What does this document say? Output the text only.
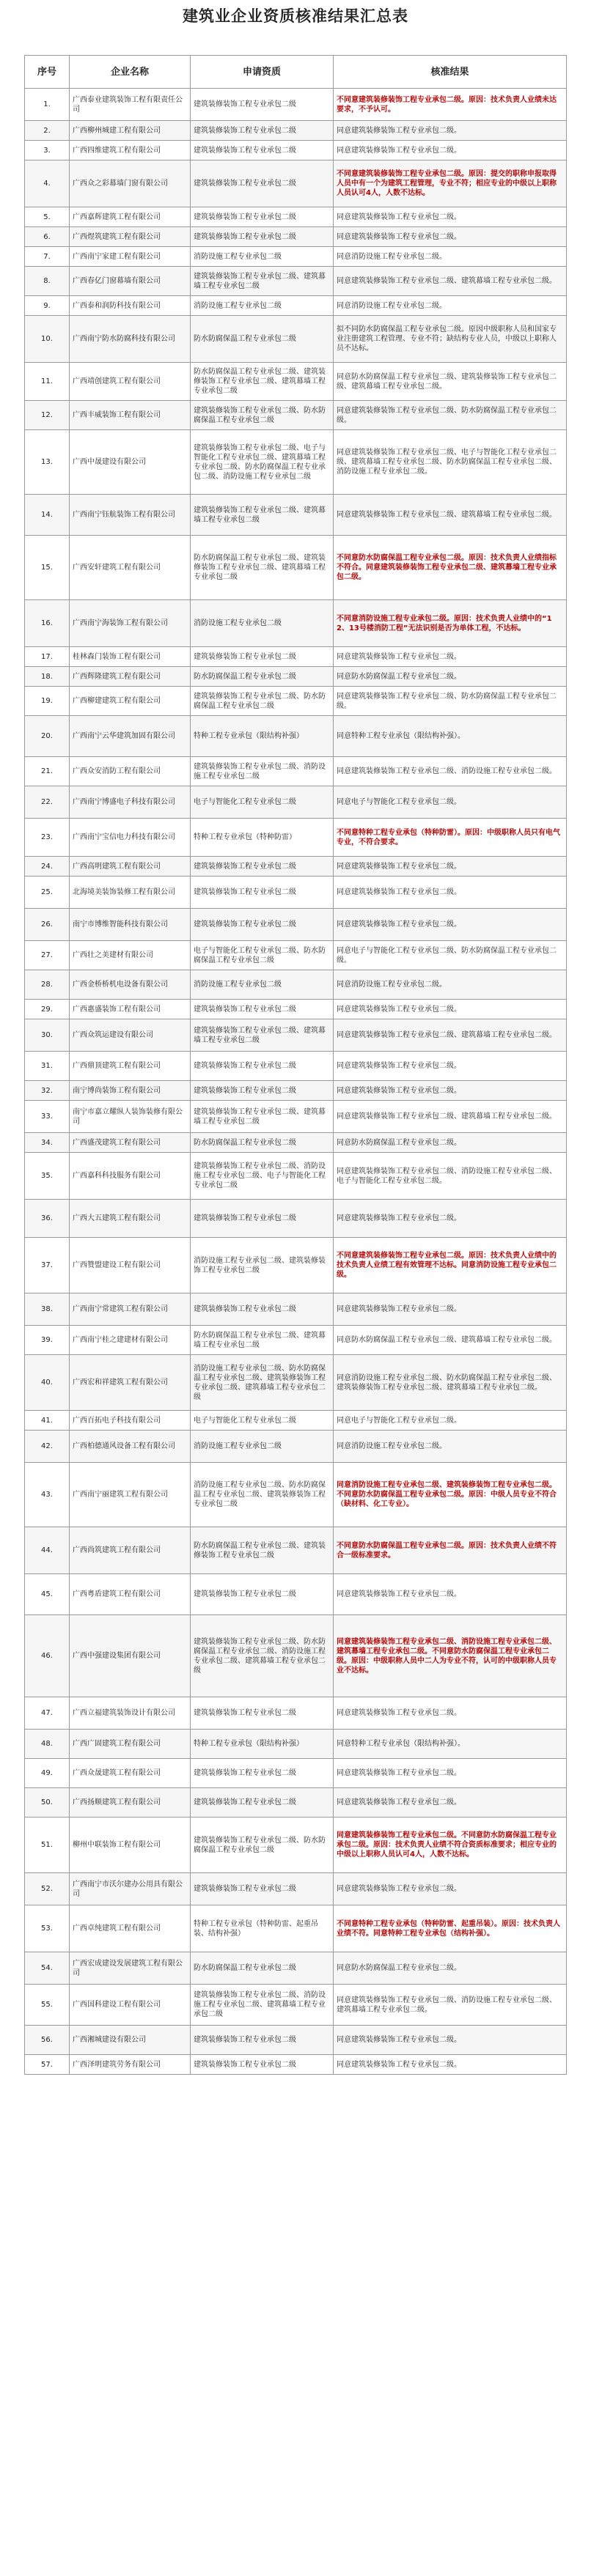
建筑业企业资质核准结果汇总表
序号	企业名称	申请资质	核准结果
1.	广西泰业建筑装饰工程有限责任公司	建筑装修装饰工程专业承包二级	不同意建筑装修装饰工程专业承包二级。原因：技术负责人业绩未达要求，不予认可。
2.	广西柳州城建工程有限公司	建筑装修装饰工程专业承包二级	同意建筑装修装饰工程专业承包二级。
3.	广西四维建筑工程有限公司	建筑装修装饰工程专业承包二级	同意建筑装修装饰工程专业承包二级。
4.	广西众之彩幕墙门窗有限公司	建筑装修装饰工程专业承包二级	不同意建筑装修装饰工程专业承包二级。原因：提交的职称申报取得人员中有一个为建筑工程管理，专业不符；相应专业的中级以上职称人员认可4人，人数不达标。
5.	广西嘉辉建筑工程有限公司	建筑装修装饰工程专业承包二级	同意建筑装修装饰工程专业承包二级。
6.	广西煜筑建筑工程有限公司	建筑装修装饰工程专业承包二级	同意建筑装修装饰工程专业承包二级。
7.	广西南宁家建工程有限公司	消防设施工程专业承包二级	同意消防设施工程专业承包二级。
8.	广西春亿门窗幕墙有限公司	建筑装修装饰工程专业承包二级、建筑幕墙工程专业承包二级	同意建筑装修装饰工程专业承包二级、建筑幕墙工程专业承包二级。
9.	广西泰和润防科技有限公司	消防设施工程专业承包二级	同意消防设施工程专业承包二级。
10.	广西南宁防水防腐科技有限公司	防水防腐保温工程专业承包二级	拟不同防水防腐保温工程专业承包二级。原因中级职称人员和国家专业注册建筑工程管理、专业不符；缺结构专业人员，中级以上职称人员不达标。
11.	广西靖创建筑工程有限公司	防水防腐保温工程专业承包二级、建筑装修装饰工程专业承包二级、建筑幕墙工程专业承包二级	同意防水防腐保温工程专业承包二级、建筑装修装饰工程专业承包二级、建筑幕墙工程专业承包二级。
12.	广西丰威装饰工程有限公司	建筑装修装饰工程专业承包二级、防水防腐保温工程专业承包二级	同意建筑装修装饰工程专业承包二级、防水防腐保温工程专业承包二级。
13.	广西中晟建设有限公司	建筑装修装饰工程专业承包二级、电子与智能化工程专业承包二级、建筑幕墙工程专业承包二级、防水防腐保温工程专业承包二级、消防设施工程专业承包二级	同意建筑装修装饰工程专业承包二级、电子与智能化工程专业承包二级、建筑幕墙工程专业承包二级、防水防腐保温工程专业承包二级、消防设施工程专业承包二级。
14.	广西南宁钰航装饰工程有限公司	建筑装修装饰工程专业承包二级、建筑幕墙工程专业承包二级	同意建筑装修装饰工程专业承包二级、建筑幕墙工程专业承包二级。
15.	广西安轩建筑工程有限公司	防水防腐保温工程专业承包二级、建筑装修装饰工程专业承包二级、建筑幕墙工程专业承包二级	不同意防水防腐保温工程专业承包二级。原因：技术负责人业绩指标不符合。同意建筑装修装饰工程专业承包二级、建筑幕墙工程专业承包二级。
16.	广西南宁海装饰工程有限公司	消防设施工程专业承包二级	不同意消防设施工程专业承包二级。原因：技术负责人业绩中的“12、13号楼消防工程”无法识别是否为单体工程，不达标。
17.	桂林森门装饰工程有限公司	建筑装修装饰工程专业承包二级	同意建筑装修装饰工程专业承包二级。
18.	广西辉隆建筑工程有限公司	防水防腐保温工程专业承包二级	同意防水防腐保温工程专业承包二级。
19.	广西柳建建筑工程有限公司	建筑装修装饰工程专业承包二级、防水防腐保温工程专业承包二级	同意建筑装修装饰工程专业承包二级、防水防腐保温工程专业承包二级。
20.	广西南宁云华建筑加固有限公司	特种工程专业承包（限结构补强）	同意特种工程专业承包（限结构补强）。
21.	广西众安消防工程有限公司	建筑装修装饰工程专业承包二级、消防设施工程专业承包二级	同意建筑装修装饰工程专业承包二级、消防设施工程专业承包二级。
22.	广西南宁博盛电子科技有限公司	电子与智能化工程专业承包二级	同意电子与智能化工程专业承包二级。
23.	广西南宁宝信电力科技有限公司	特种工程专业承包（特种防雷）	不同意特种工程专业承包（特种防雷）。原因：中级职称人员只有电气专业，不符合要求。
24.	广西高明建筑工程有限公司	建筑装修装饰工程专业承包二级	同意建筑装修装饰工程专业承包二级。
25.	北海境美装饰装修工程有限公司	建筑装修装饰工程专业承包二级	同意建筑装修装饰工程专业承包二级。
26.	南宁市博维智能科技有限公司	建筑装修装饰工程专业承包二级	同意建筑装修装饰工程专业承包二级。
27.	广西壮之美建材有限公司	电子与智能化工程专业承包二级、防水防腐保温工程专业承包二级	同意电子与智能化工程专业承包二级、防水防腐保温工程专业承包二级。
28.	广西金桥桥机电设备有限公司	消防设施工程专业承包二级	同意消防设施工程专业承包二级。
29.	广西惠盛装饰工程有限公司	建筑装修装饰工程专业承包二级	同意建筑装修装饰工程专业承包二级。
30.	广西众筑运建设有限公司	建筑装修装饰工程专业承包二级、建筑幕墙工程专业承包二级	同意建筑装修装饰工程专业承包二级、建筑幕墙工程专业承包二级。
31.	广西鼎顶建筑工程有限公司	建筑装修装饰工程专业承包二级	同意建筑装修装饰工程专业承包二级。
32.	南宁博尚装饰工程有限公司	建筑装修装饰工程专业承包二级	同意建筑装修装饰工程专业承包二级。
33.	南宁市嘉立耀纵人装饰装修有限公司	建筑装修装饰工程专业承包二级、建筑幕墙工程专业承包二级	同意建筑装修装饰工程专业承包二级、建筑幕墙工程专业承包二级。
34.	广西盛茂建筑工程有限公司	防水防腐保温工程专业承包二级	同意防水防腐保温工程专业承包二级。
35.	广西嘉科科技服务有限公司	建筑装修装饰工程专业承包二级、消防设施工程专业承包二级、电子与智能化工程专业承包二级	同意建筑装修装饰工程专业承包二级、消防设施工程专业承包二级、电子与智能化工程专业承包二级。
36.	广西大五建筑工程有限公司	建筑装修装饰工程专业承包二级	同意建筑装修装饰工程专业承包二级。
37.	广西赞盟建设工程有限公司	消防设施工程专业承包二级、建筑装修装饰工程专业承包二级	不同意建筑装修装饰工程专业承包二级。原因：技术负责人业绩中的技术负责人业绩工程有效管理不达标。同意消防设施工程专业承包二级。
38.	广西南宁常建筑工程有限公司	建筑装修装饰工程专业承包二级	同意建筑装修装饰工程专业承包二级。
39.	广西南宁桂之建建材有限公司	防水防腐保温工程专业承包二级、建筑幕墙工程专业承包二级	同意防水防腐保温工程专业承包二级、建筑幕墙工程专业承包二级。
40.	广西宏和祥建筑工程有限公司	消防设施工程专业承包二级、防水防腐保温工程专业承包二级、建筑装修装饰工程专业承包二级、建筑幕墙工程专业承包二级	同意消防设施工程专业承包二级、防水防腐保温工程专业承包二级、建筑装修装饰工程专业承包二级、建筑幕墙工程专业承包二级。
41.	广西百拓电子科技有限公司	电子与智能化工程专业承包二级	同意电子与智能化工程专业承包二级。
42.	广西柏德通风设备工程有限公司	消防设施工程专业承包二级	同意消防设施工程专业承包二级。
43.	广西南宁丽建筑工程有限公司	消防设施工程专业承包二级、防水防腐保温工程专业承包二级、建筑装修装饰工程专业承包二级	同意消防设施工程专业承包二级、建筑装修装饰工程专业承包二级。不同意防水防腐保温工程专业承包二级。原因：中级人员专业不符合（缺材料、化工专业）。
44.	广西尚筑建筑工程有限公司	防水防腐保温工程专业承包二级、建筑装修装饰工程专业承包二级	不同意防水防腐保温工程专业承包二级。原因：技术负责人业绩不符合一级标准要求。
45.	广西粤盾建筑工程有限公司	建筑装修装饰工程专业承包二级	同意建筑装修装饰工程专业承包二级。
46.	广西中强建设集团有限公司	建筑装修装饰工程专业承包二级、防水防腐保温工程专业承包二级、消防设施工程专业承包二级、建筑幕墙工程专业承包二级	同意建筑装修装饰工程专业承包二级、消防设施工程专业承包二级、建筑幕墙工程专业承包二级。不同意防水防腐保温工程专业承包二级。原因：中级职称人员中二人为专业不符，认可的中级职称人员专业不达标。
47.	广西立福建筑装饰设计有限公司	建筑装修装饰工程专业承包二级	同意建筑装修装饰工程专业承包二级。
48.	广西广固建筑工程有限公司	特种工程专业承包（限结构补强）	同意特种工程专业承包（限结构补强）。
49.	广西众晟建筑工程有限公司	建筑装修装饰工程专业承包二级	同意建筑装修装饰工程专业承包二级。
50.	广西扬顺建筑工程有限公司	建筑装修装饰工程专业承包二级	同意建筑装修装饰工程专业承包二级。
51.	柳州中联装饰工程有限公司	建筑装修装饰工程专业承包二级、防水防腐保温工程专业承包二级	同意建筑装修装饰工程专业承包二级。不同意防水防腐保温工程专业承包二级。原因：技术负责人业绩不符合资质标准要求；相应专业的中级以上职称人员认可4人，人数不达标。
52.	广西南宁市沃尔建办公用具有限公司	建筑装修装饰工程专业承包二级	同意建筑装修装饰工程专业承包二级。
53.	广西卓纯建筑工程有限公司	特种工程专业承包（特种防雷、起重吊装、结构补强）	不同意特种工程专业承包（特种防雷、起重吊装）。原因：技术负责人业绩不符。同意特种工程专业承包（结构补强）。
54.	广西宏成建设发展建筑工程有限公司	防水防腐保温工程专业承包二级	同意防水防腐保温工程专业承包二级。
55.	广西国科建设工程有限公司	建筑装修装饰工程专业承包二级、消防设施工程专业承包二级、建筑幕墙工程专业承包二级	同意建筑装修装饰工程专业承包二级、消防设施工程专业承包二级、建筑幕墙工程专业承包二级。
56.	广西湘城建设有限公司	建筑装修装饰工程专业承包二级	同意建筑装修装饰工程专业承包二级。
57.	广西泽明建筑劳务有限公司	建筑装修装饰工程专业承包二级	同意建筑装修装饰工程专业承包二级。
